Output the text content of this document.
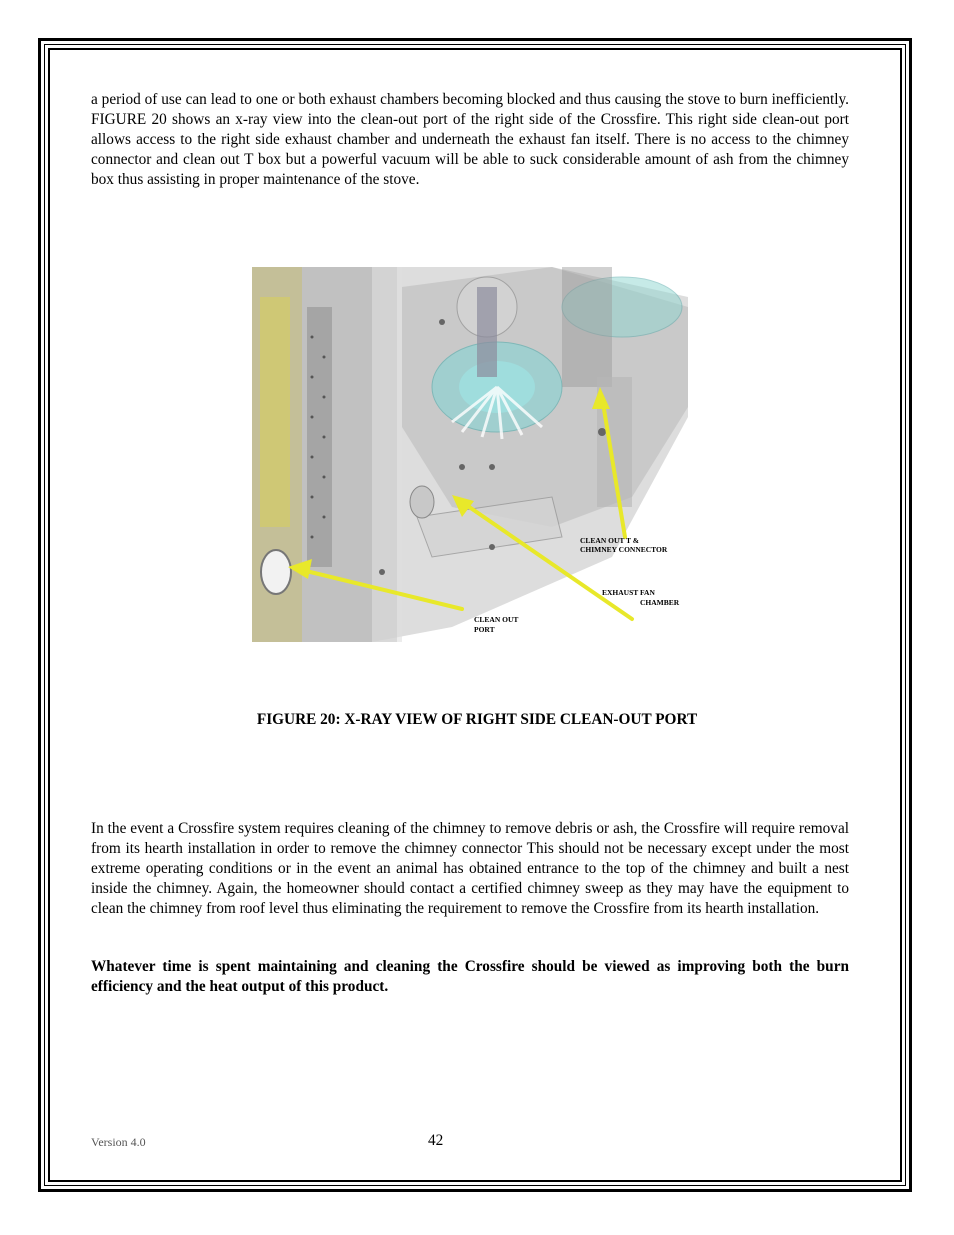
a period of use can lead to one or both exhaust chambers becoming blocked and thus causing the stove to burn inefficiently. FIGURE 20 shows an x-ray view into the clean-out port of the right side of the Crossfire. This right side clean-out port allows access to the right side exhaust chamber and underneath the exhaust fan itself. There is no access to the chimney connector and clean out T box but a powerful vacuum will be able to suck considerable amount of ash from the chimney box thus assisting in proper maintenance of the stove.

CLEAN OUT T &
CHIMNEY CONNECTOR
EXHAUST FAN
CHAMBER
CLEAN OUT
PORT
FIGURE 20: X-RAY VIEW OF RIGHT SIDE CLEAN-OUT PORT

In the event a Crossfire system requires cleaning of the chimney to remove debris or ash, the Crossfire will require removal from its hearth installation in order to remove the chimney connector This should not be necessary except under the most extreme operating conditions or in the event an animal has obtained entrance to the top of the chimney and built a nest inside the chimney. Again, the homeowner should contact a certified chimney sweep as they may have the equipment to clean the chimney from roof level thus eliminating the requirement to remove the Crossfire from its hearth installation.

Whatever time is spent maintaining and cleaning the Crossfire should be viewed as improving both the burn efficiency and the heat output of this product.

Version 4.0	42
